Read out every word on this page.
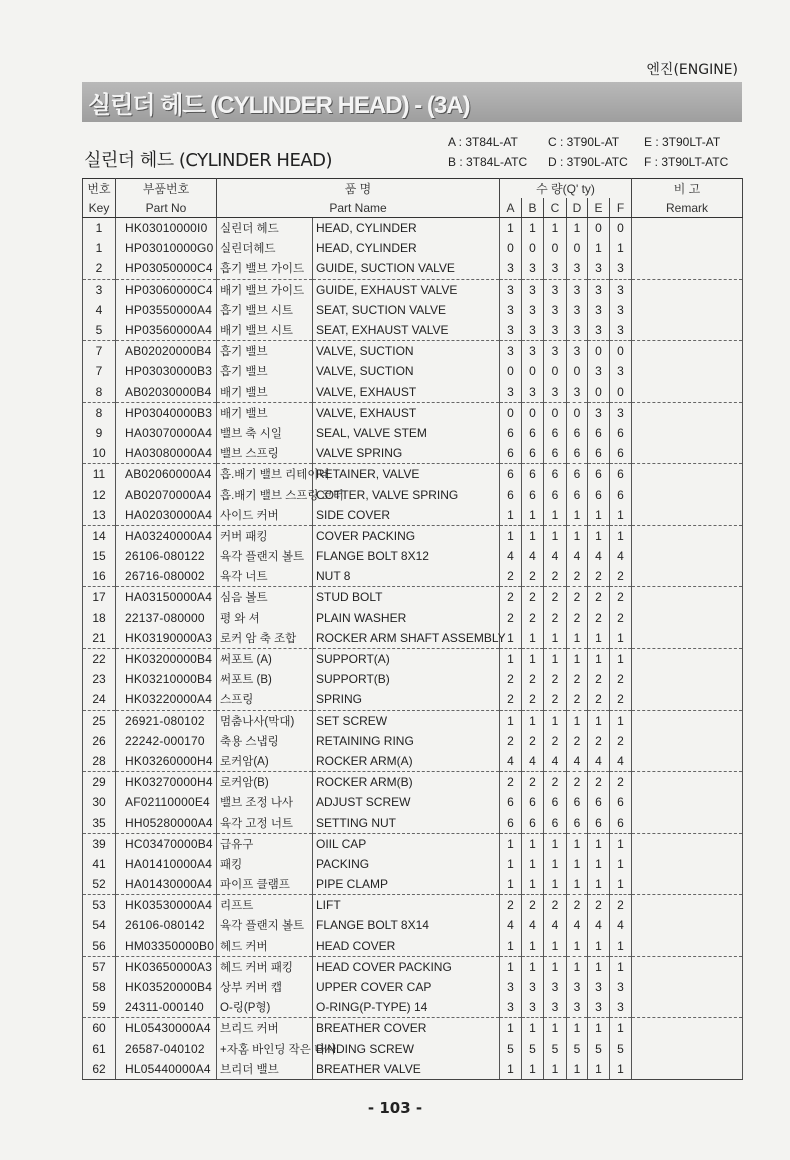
엔진(ENGINE)
실린더 헤드 (CYLINDER HEAD) - (3A)
실린더 헤드 (CYLINDER HEAD)
A : 3T84L-AT	C : 3T90L-AT	E : 3T90LT-AT
B : 3T84L-ATC	D : 3T90L-ATC	F : 3T90LT-ATC
번호	부품번호	품 명		수 량(Q' ty)						비 고
Key	Part No	Part Name		A	B	C	D	E	F	Remark
1	HK03010000I0	실린더 헤드	HEAD, CYLINDER	1	1	1	1	0	0	
1	HP03010000G0	실린더헤드	HEAD, CYLINDER	0	0	0	0	1	1	
2	HP03050000C4	흡기 밸브 가이드	GUIDE, SUCTION VALVE	3	3	3	3	3	3	
3	HP03060000C4	배기 밸브 가이드	GUIDE, EXHAUST VALVE	3	3	3	3	3	3	
4	HP03550000A4	흡기 밸브 시트	SEAT, SUCTION VALVE	3	3	3	3	3	3	
5	HP03560000A4	배기 밸브 시트	SEAT, EXHAUST VALVE	3	3	3	3	3	3	
7	AB02020000B4	흡기 밸브	VALVE, SUCTION	3	3	3	3	0	0	
7	HP03030000B3	흡기 밸브	VALVE, SUCTION	0	0	0	0	3	3	
8	AB02030000B4	배기 밸브	VALVE, EXHAUST	3	3	3	3	0	0	
8	HP03040000B3	배기 밸브	VALVE, EXHAUST	0	0	0	0	3	3	
9	HA03070000A4	밸브 축 시일	SEAL, VALVE STEM	6	6	6	6	6	6	
10	HA03080000A4	밸브 스프링	VALVE SPRING	6	6	6	6	6	6	
11	AB02060000A4	흡.배기 밸브 리테이너	RETAINER, VALVE	6	6	6	6	6	6	
12	AB02070000A4	흡.배기 밸브 스프링 코터	COTTER, VALVE SPRING	6	6	6	6	6	6	
13	HA02030000A4	사이드 커버	SIDE COVER	1	1	1	1	1	1	
14	HA03240000A4	커버 패킹	COVER PACKING	1	1	1	1	1	1	
15	26106-080122	육각 플랜지 볼트	FLANGE BOLT 8X12	4	4	4	4	4	4	
16	26716-080002	육각 너트	NUT 8	2	2	2	2	2	2	
17	HA03150000A4	심음 볼트	STUD BOLT	2	2	2	2	2	2	
18	22137-080000	평 와 셔	PLAIN WASHER	2	2	2	2	2	2	
21	HK03190000A3	로커 암 축 조합	ROCKER ARM SHAFT ASSEMBLY	1	1	1	1	1	1	
22	HK03200000B4	써포트 (A)	SUPPORT(A)	1	1	1	1	1	1	
23	HK03210000B4	써포트 (B)	SUPPORT(B)	2	2	2	2	2	2	
24	HK03220000A4	스프링	SPRING	2	2	2	2	2	2	
25	26921-080102	멈춤나사(막대)	SET SCREW	1	1	1	1	1	1	
26	22242-000170	축용 스냅링	RETAINING RING	2	2	2	2	2	2	
28	HK03260000H4	로커암(A)	ROCKER ARM(A)	4	4	4	4	4	4	
29	HK03270000H4	로커암(B)	ROCKER ARM(B)	2	2	2	2	2	2	
30	AF02110000E4	밸브 조정 나사	ADJUST SCREW	6	6	6	6	6	6	
35	HH05280000A4	육각 고정 너트	SETTING NUT	6	6	6	6	6	6	
39	HC03470000B4	급유구	OIIL CAP	1	1	1	1	1	1	
41	HA01410000A4	패킹	PACKING	1	1	1	1	1	1	
52	HA01430000A4	파이프 클램프	PIPE CLAMP	1	1	1	1	1	1	
53	HK03530000A4	리프트	LIFT	2	2	2	2	2	2	
54	26106-080142	육각 플랜지 볼트	FLANGE BOLT 8X14	4	4	4	4	4	4	
56	HM03350000B0	헤드 커버	HEAD COVER	1	1	1	1	1	1	
57	HK03650000A3	헤드 커버 패킹	HEAD COVER PACKING	1	1	1	1	1	1	
58	HK03520000B4	상부 커버 캡	UPPER COVER CAP	3	3	3	3	3	3	
59	24311-000140	O-링(P형)	O-RING(P-TYPE) 14	3	3	3	3	3	3	
60	HL05430000A4	브리드 커버	BREATHER COVER	1	1	1	1	1	1	
61	26587-040102	+자홈 바인딩 작은 나사	BINDING SCREW	5	5	5	5	5	5	
62	HL05440000A4	브리더 밸브	BREATHER VALVE	1	1	1	1	1	1	
- 103 -
